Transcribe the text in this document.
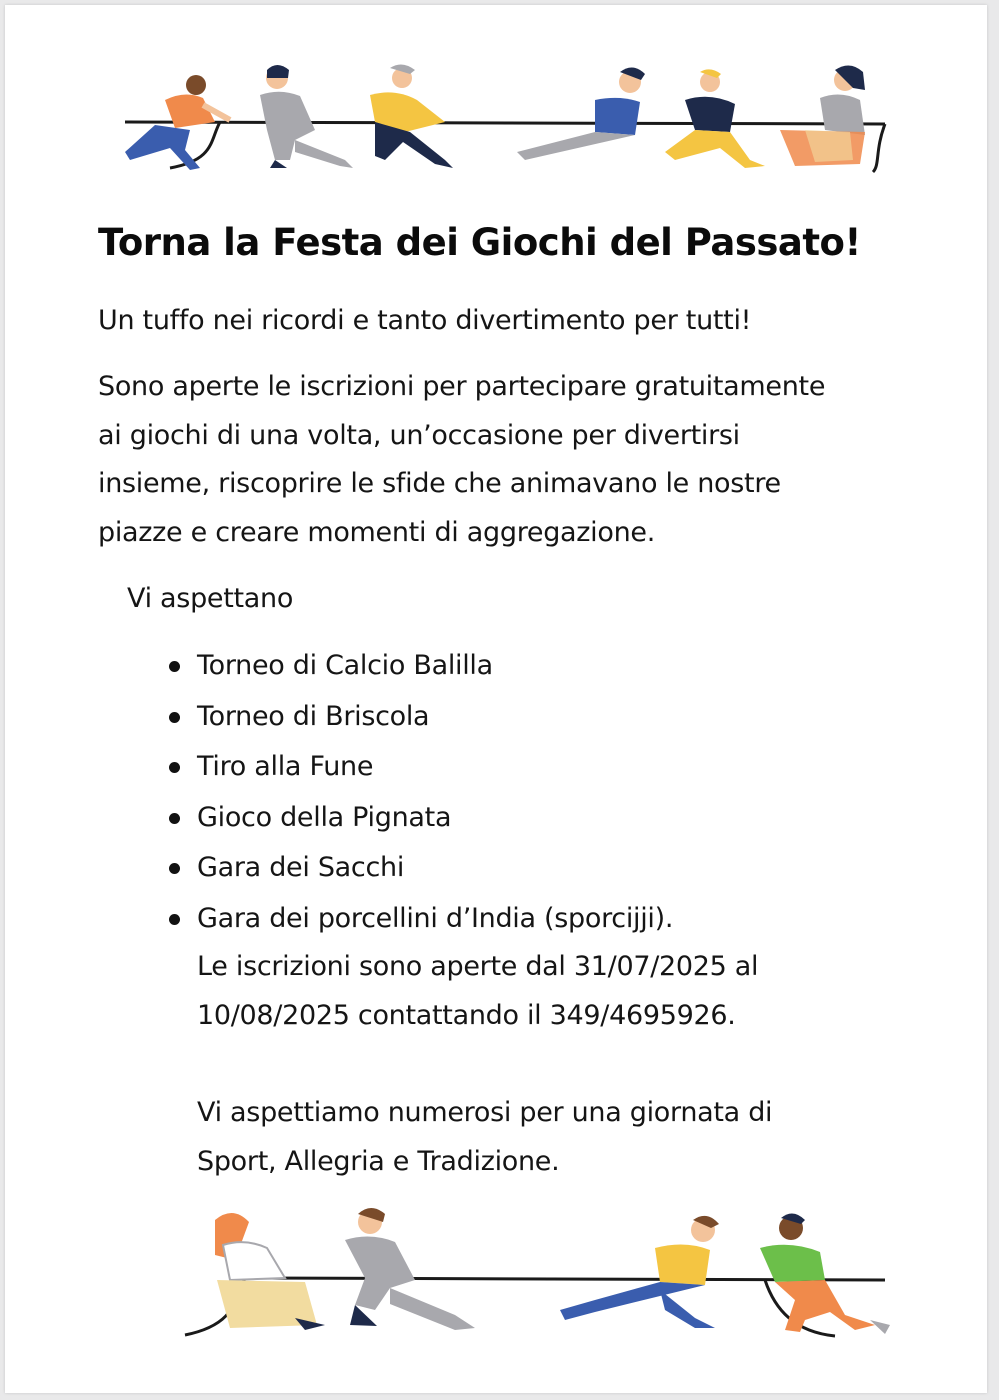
Torna la Festa dei Giochi del Passato!

Un tuffo nei ricordi e tanto divertimento per tutti!

Sono aperte le iscrizioni per partecipare gratuitamente
ai giochi di una volta, un’occasione per divertirsi
insieme, riscoprire le sfide che animavano le nostre
piazze e creare momenti di aggregazione.

Vi aspettano

Torneo di Calcio Balilla
Torneo di Briscola
Tiro alla Fune
Gioco della Pignata
Gara dei Sacchi
Gara dei porcellini d’India (sporcijji).

Le iscrizioni sono aperte dal 31/07/2025 al
10/08/2025 contattando il 349/4695926.

Vi aspettiamo numerosi per una giornata di
Sport, Allegria e Tradizione.
